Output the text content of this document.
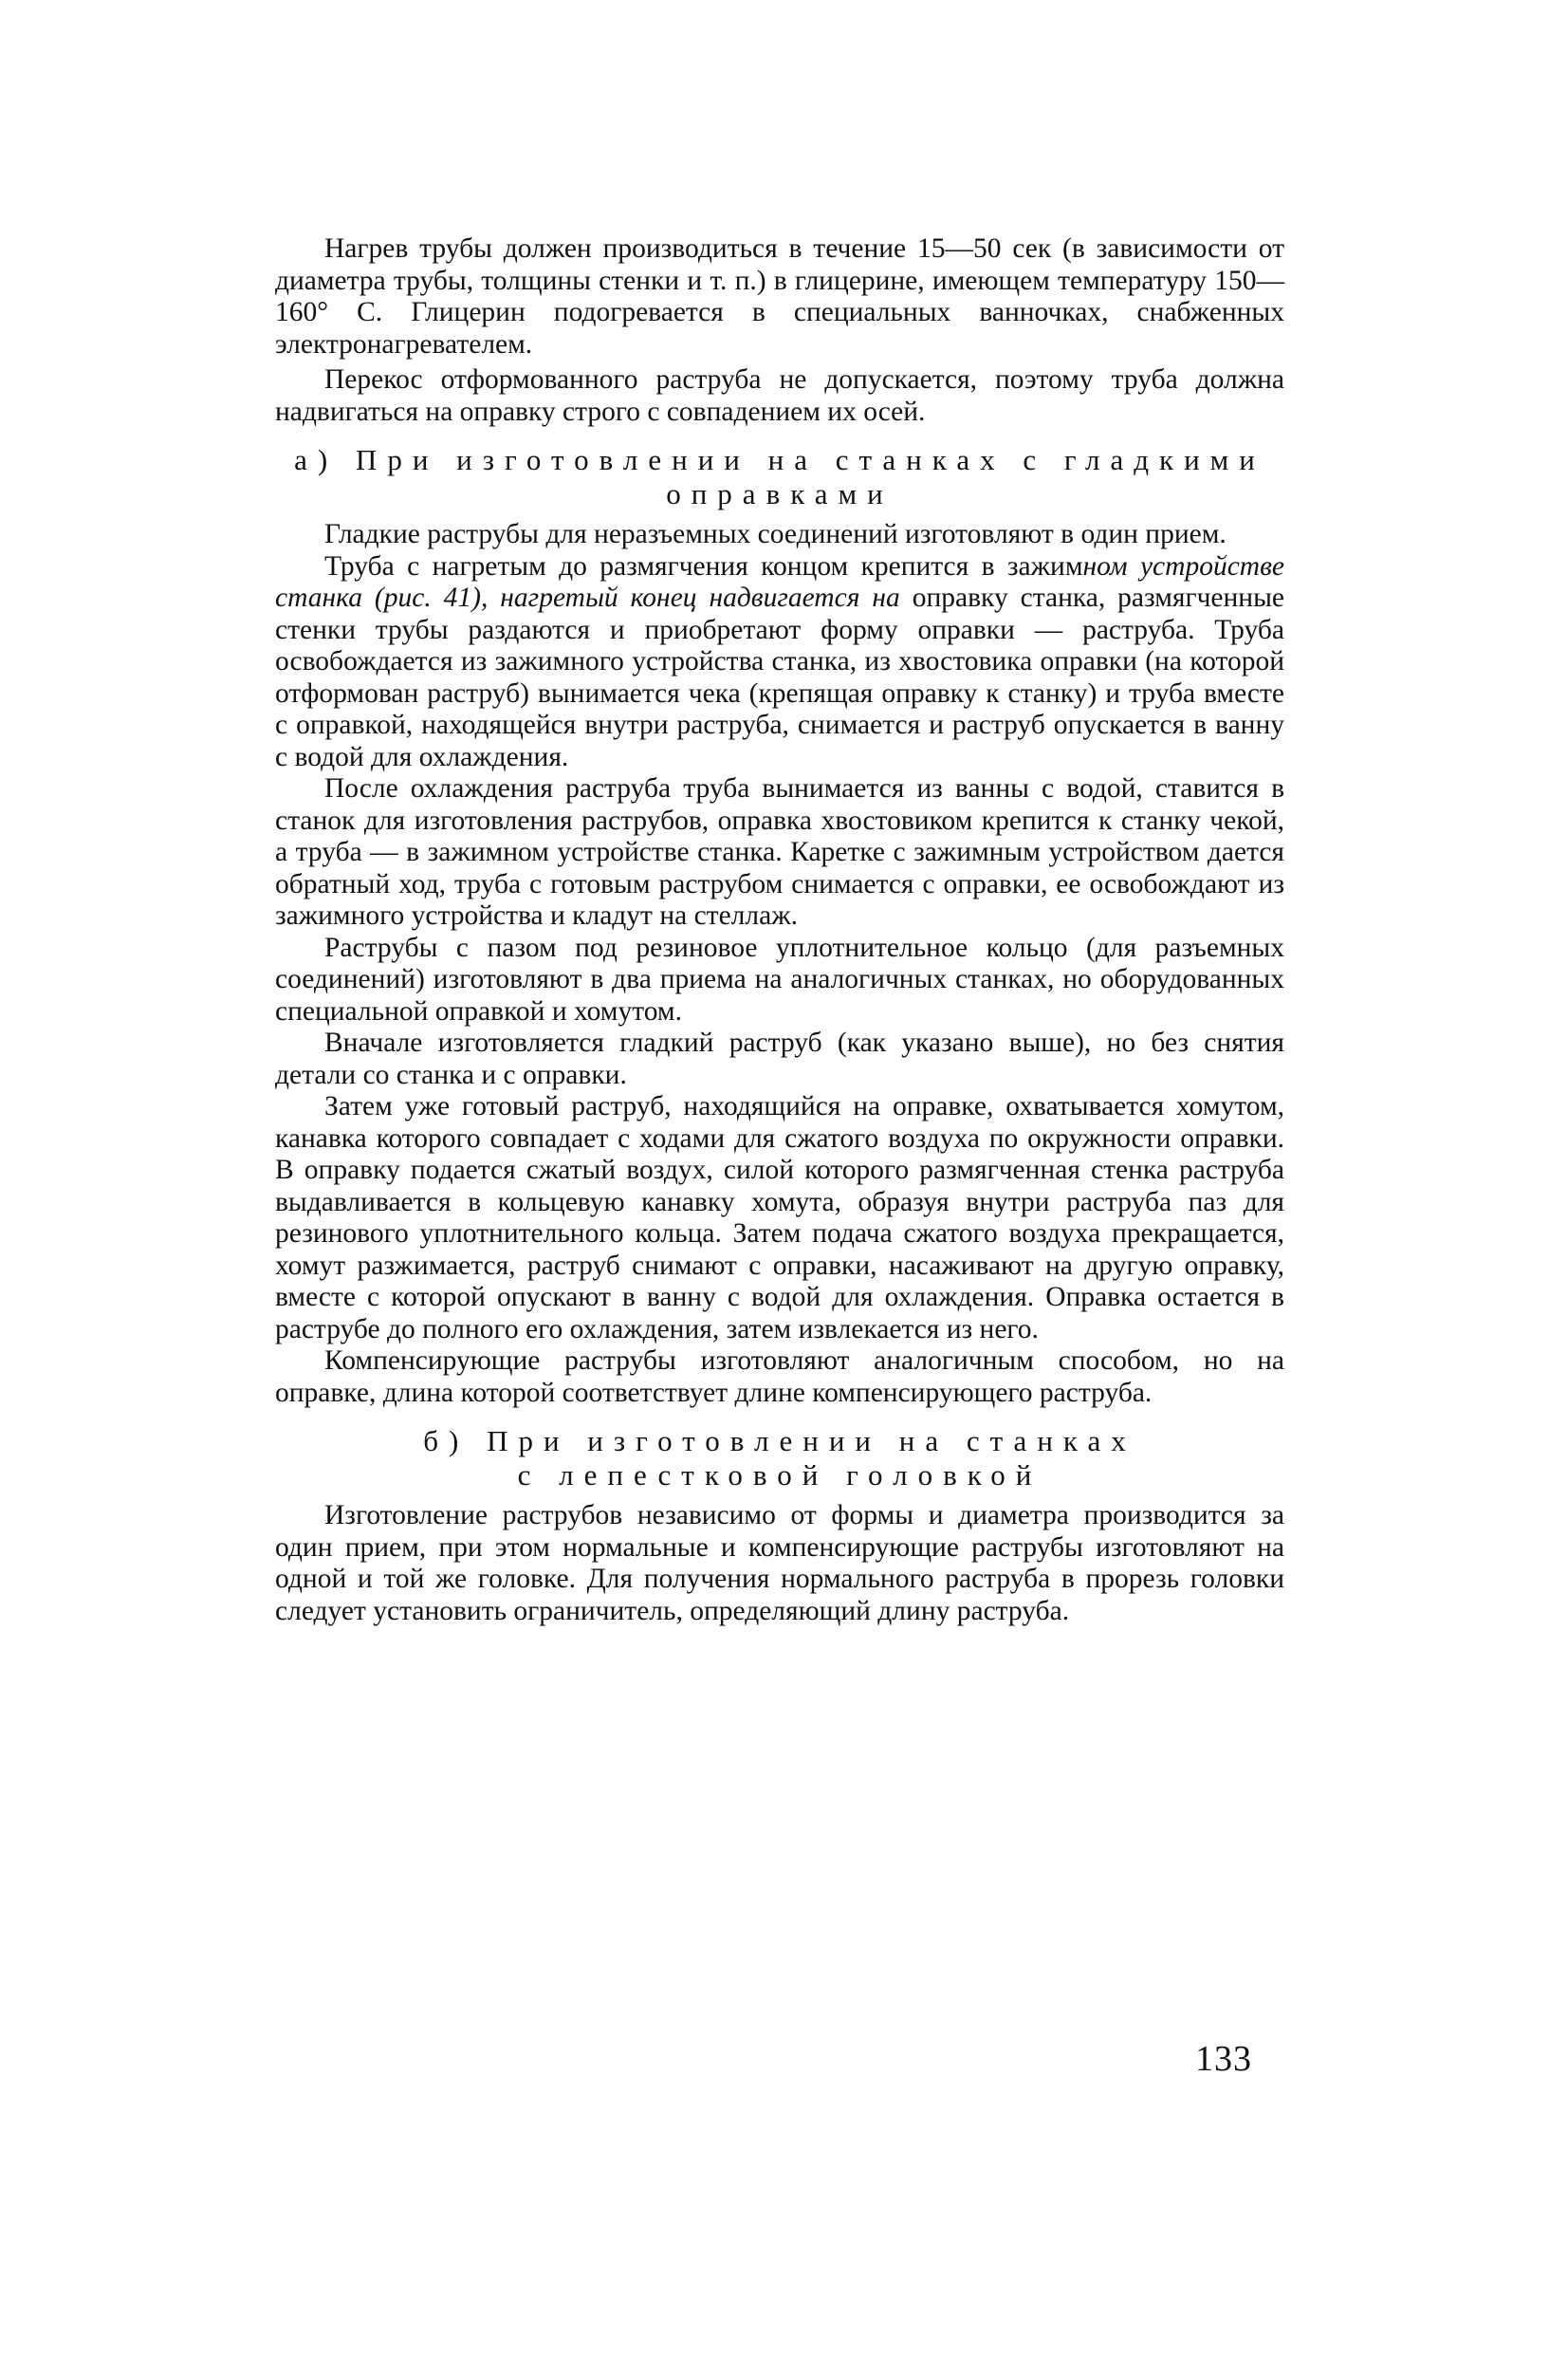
Нагрев трубы должен производиться в течение 15—50 сек (в зависимости от диаметра трубы, толщины стенки и т. п.) в глицерине, имеющем температуру 150—160° С. Глицерин подогревается в специальных ванночках, снабженных электронагревателем.

Перекос отформованного раструба не допускается, поэтому труба должна надвигаться на оправку строго с совпадением их осей.

а) При изготовлении на станках с гладкими
оправками

Гладкие раструбы для неразъемных соединений изготовляют в один прием.

Труба с нагретым до размягчения концом крепится в зажимном устройстве станка (рис. 41), нагретый конец надвигается на оправку станка, размягченные стенки трубы раздаются и приобретают форму оправки — раструба. Труба освобождается из зажимного устройства станка, из хвостовика оправки (на которой отформован раструб) вынимается чека (крепящая оправку к станку) и труба вместе с оправкой, находящейся внутри раструба, снимается и раструб опускается в ванну с водой для охлаждения.

После охлаждения раструба труба вынимается из ванны с водой, ставится в станок для изготовления раструбов, оправка хвостовиком крепится к станку чекой, а труба — в зажимном устройстве станка. Каретке с зажимным устройством дается обратный ход, труба с готовым раструбом снимается с оправки, ее освобождают из зажимного устройства и кладут на стеллаж.

Раструбы с пазом под резиновое уплотнительное кольцо (для разъемных соединений) изготовляют в два приема на аналогичных станках, но оборудованных специальной оправкой и хомутом.

Вначале изготовляется гладкий раструб (как указано выше), но без снятия детали со станка и с оправки.

Затем уже готовый раструб, находящийся на оправке, охватывается хомутом, канавка которого совпадает с ходами для сжатого воздуха по окружности оправки. В оправку подается сжатый воздух, силой которого размягченная стенка раструба выдавливается в кольцевую канавку хомута, образуя внутри раструба паз для резинового уплотнительного кольца. Затем подача сжатого воздуха прекращается, хомут разжимается, раструб снимают с оправки, насаживают на другую оправку, вместе с которой опускают в ванну с водой для охлаждения. Оправка остается в раструбе до полного его охлаждения, затем извлекается из него.

Компенсирующие раструбы изготовляют аналогичным способом, но на оправке, длина которой соответствует длине компенсирующего раструба.

б) При изготовлении на станках
с лепестковой головкой

Изготовление раструбов независимо от формы и диаметра производится за один прием, при этом нормальные и компенсирующие раструбы изготовляют на одной и той же головке. Для получения нормального раструба в прорезь головки следует установить ограничитель, определяющий длину раструба.

133
